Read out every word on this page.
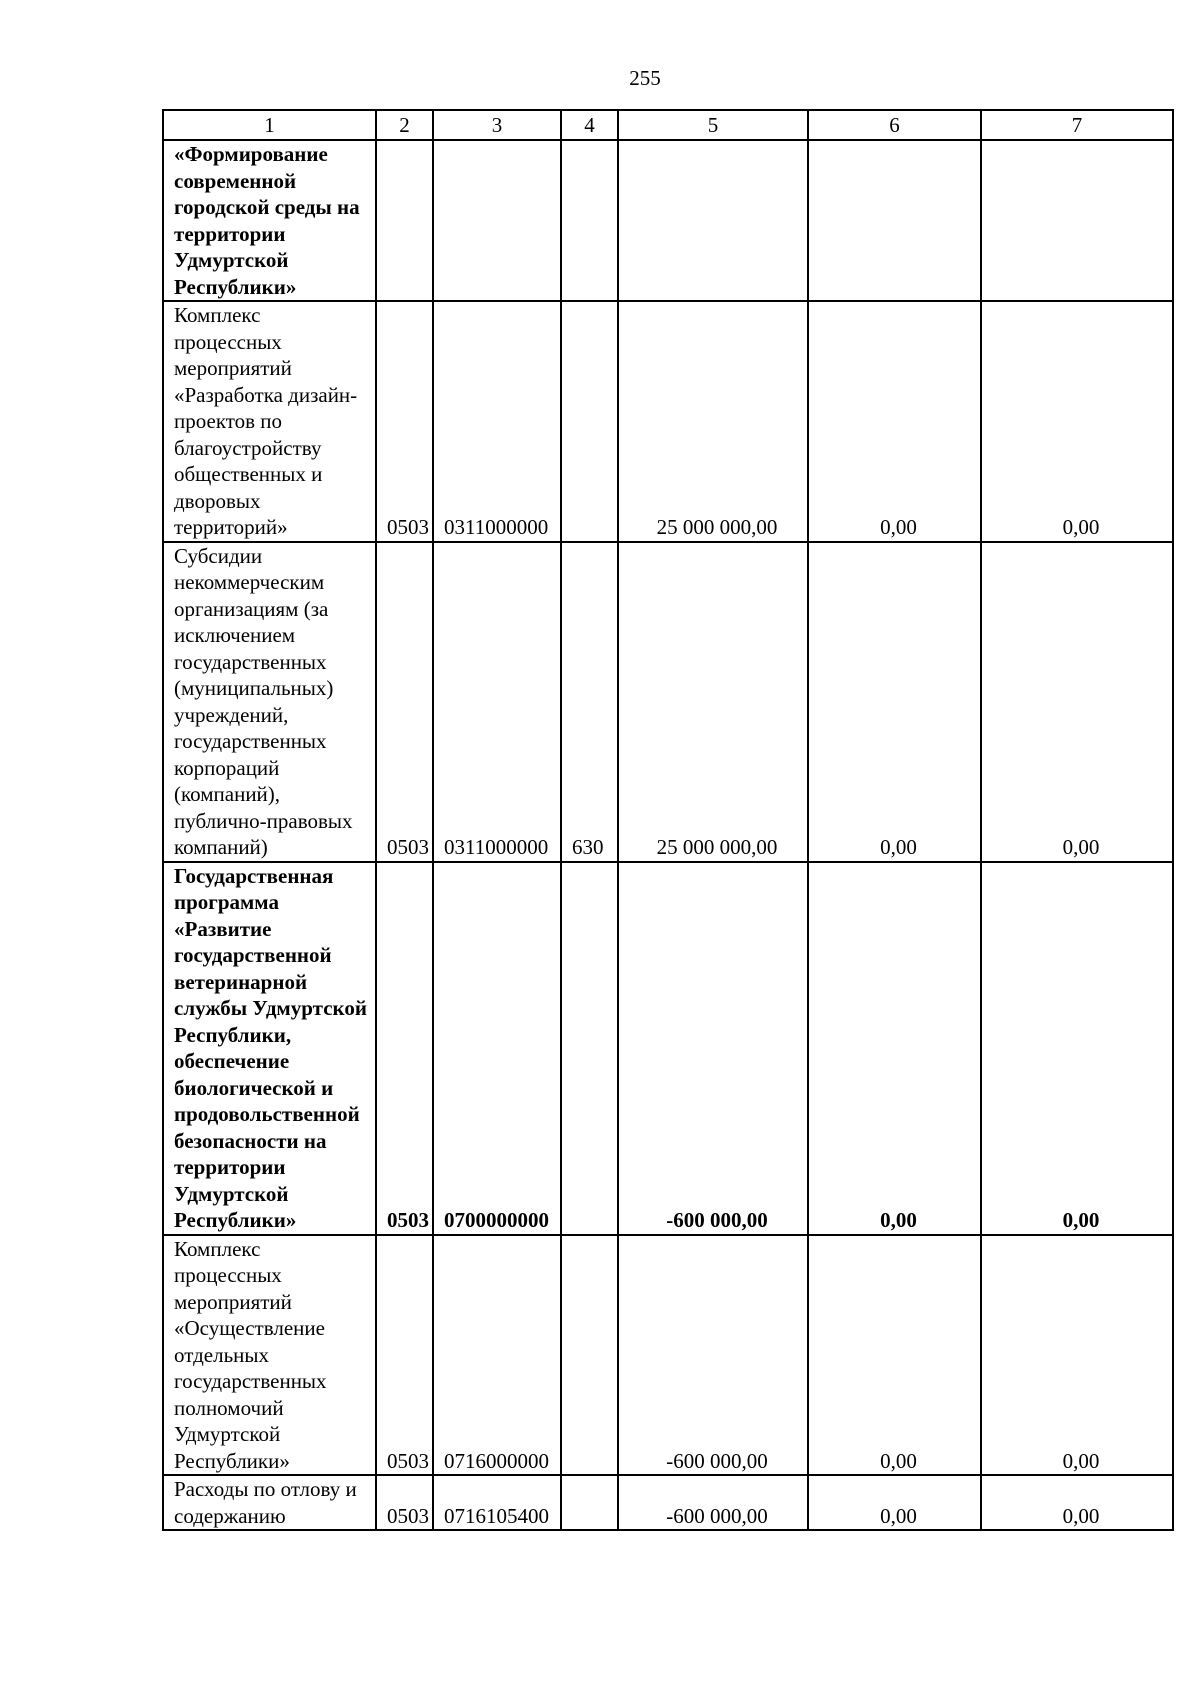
255
1	2	3	4	5	6	7
«Формирование современной городской среды на территории Удмуртской Республики»						
Комплекс процессных мероприятий «Разработка дизайн-проектов по благоустройству общественных и дворовых территорий»	0503	0311000000		25 000 000,00	0,00	0,00
Субсидии некоммерческим организациям (за исключением государственных (муниципальных) учреждений, государственных корпораций (компаний), публично-правовых компаний)	0503	0311000000	630	25 000 000,00	0,00	0,00
Государственная программа «Развитие государственной ветеринарной службы Удмуртской Республики, обеспечение биологической и продовольственной безопасности на территории Удмуртской Республики»	0503	0700000000		-600 000,00	0,00	0,00
Комплекс процессных мероприятий «Осуществление отдельных государственных полномочий Удмуртской Республики»	0503	0716000000		-600 000,00	0,00	0,00
Расходы по отлову и содержанию	0503	0716105400		-600 000,00	0,00	0,00
